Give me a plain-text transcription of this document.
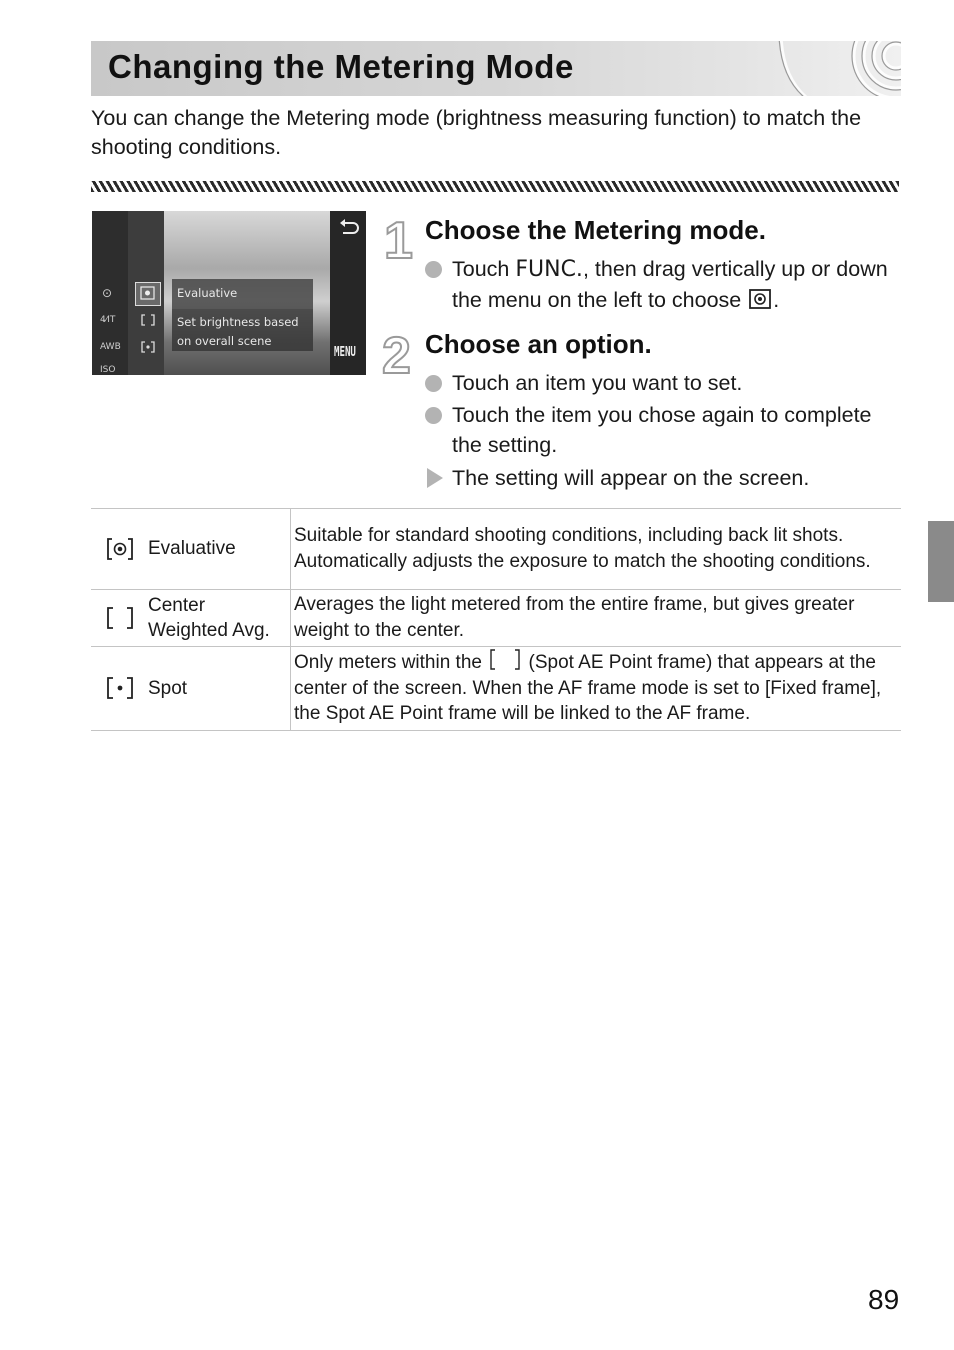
Changing the Metering Mode
You can change the Metering mode (brightness measuring function) to match the shooting conditions.
⊙
4⁄IT
AWB
ISO
Evaluative
Set brightness based
on overall scene
MENU
1 Choose the Metering mode.
Touch FUNC., then drag vertically up or down the menu on the left to choose .
2 Choose an option.
Touch an item you want to set.
Touch the item you chose again to complete the setting.
The setting will appear on the screen.
Evaluative	Suitable for standard shooting conditions, including back lit shots. Automatically adjusts the exposure to match the shooting conditions.

Center Weighted Avg.	Averages the light metered from the entire frame, but gives greater weight to the center.

Spot	Only meters within the  (Spot AE Point frame) that appears at the center of the screen. When the AF frame mode is set to [Fixed frame], the Spot AE Point frame will be linked to the AF frame.
89
